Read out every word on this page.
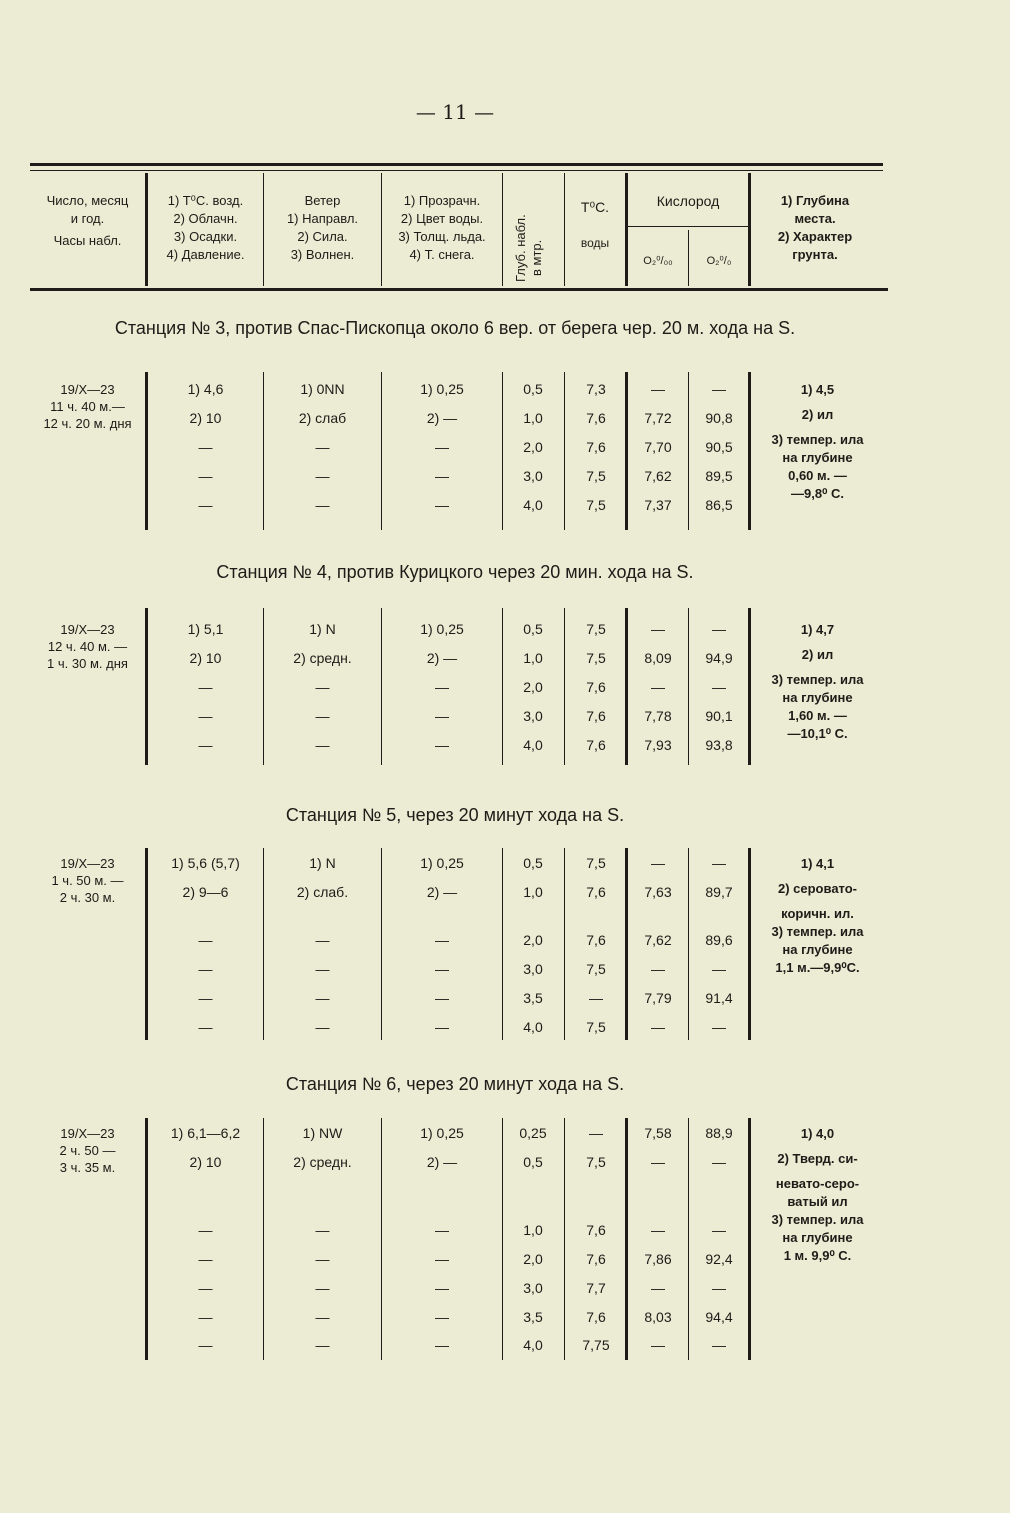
— 11 —
Число, месяц
и год.
Часы набл.
1) T⁰C. возд.
2) Облачн.
3) Осадки.
4) Давление.
Ветер
1) Направл.
2) Сила.
3) Волнен.
1) Прозрачн.
2) Цвет воды.
3) Толщ. льда.
4) Т. снега.	Глуб. набл. в мтр.
T⁰C.
воды
Кислород
O₂⁰/₀₀	O₂⁰/₀
1) Глубина
места.
2) Характер
грунта.
Станция № 3, против Спас-Пископца около 6 вер. от берега чер. 20 м. хода на S.
19/X—23
11 ч. 40 м.—
12 ч. 20 м. дня
1) 4,6
2) 10
—
—
—
1) 0NN
2) слаб
—
—
—
1) 0,25
2) —
—
—
—
0,5
1,0
2,0
3,0
4,0
7,3
7,6
7,6
7,5
7,5
—
7,72
7,70
7,62
7,37
—
90,8
90,5
89,5
86,5
1) 4,5
2) ил
3) темпер. ила
на глубине
0,60 м. —
—9,8⁰ C.
Станция № 4, против Курицкого через 20 мин. хода на S.
19/X—23
12 ч. 40 м. —
1 ч. 30 м. дня
1) 5,1
2) 10
—
—
—
1) N
2) средн.
—
—
—
1) 0,25
2) —
—
—
—
0,5
1,0
2,0
3,0
4,0
7,5
7,5
7,6
7,6
7,6
—
8,09
—
7,78
7,93
—
94,9
—
90,1
93,8
1) 4,7
2) ил
3) темпер. ила
на глубине
1,60 м. —
—10,1⁰ C.
Станция № 5, через 20 минут хода на S.
19/X—23
1 ч. 50 м. —
2 ч. 30 м.
1) 5,6 (5,7)
2) 9—6
—
—
—
—
1) N
2) слаб.
—
—
—
—
1) 0,25
2) —
—
—
—
—
0,5
1,0
2,0
3,0
3,5
4,0
7,5
7,6
7,6
7,5
—
7,5
—
7,63
7,62
—
7,79
—
—
89,7
89,6
—
91,4
—
1) 4,1
2) серовато-
коричн. ил.
3) темпер. ила
на глубине
1,1 м.—9,9⁰C.
Станция № 6, через 20 минут хода на S.
19/X—23
2 ч. 50 —
3 ч. 35 м.
1) 6,1—6,2
2) 10
—
—
—
—
—
1) NW
2) средн.
—
—
—
—
—
1) 0,25
2) —
—
—
—
—
—
0,25
0,5
1,0
2,0
3,0
3,5
4,0
—
7,5
7,6
7,6
7,7
7,6
7,75
7,58
—
—
7,86
—
8,03
—
88,9
—
—
92,4
—
94,4
—
1) 4,0
2) Тверд. си-
невато-серо-
ватый ил
3) темпер. ила
на глубине
1 м. 9,9⁰ C.
